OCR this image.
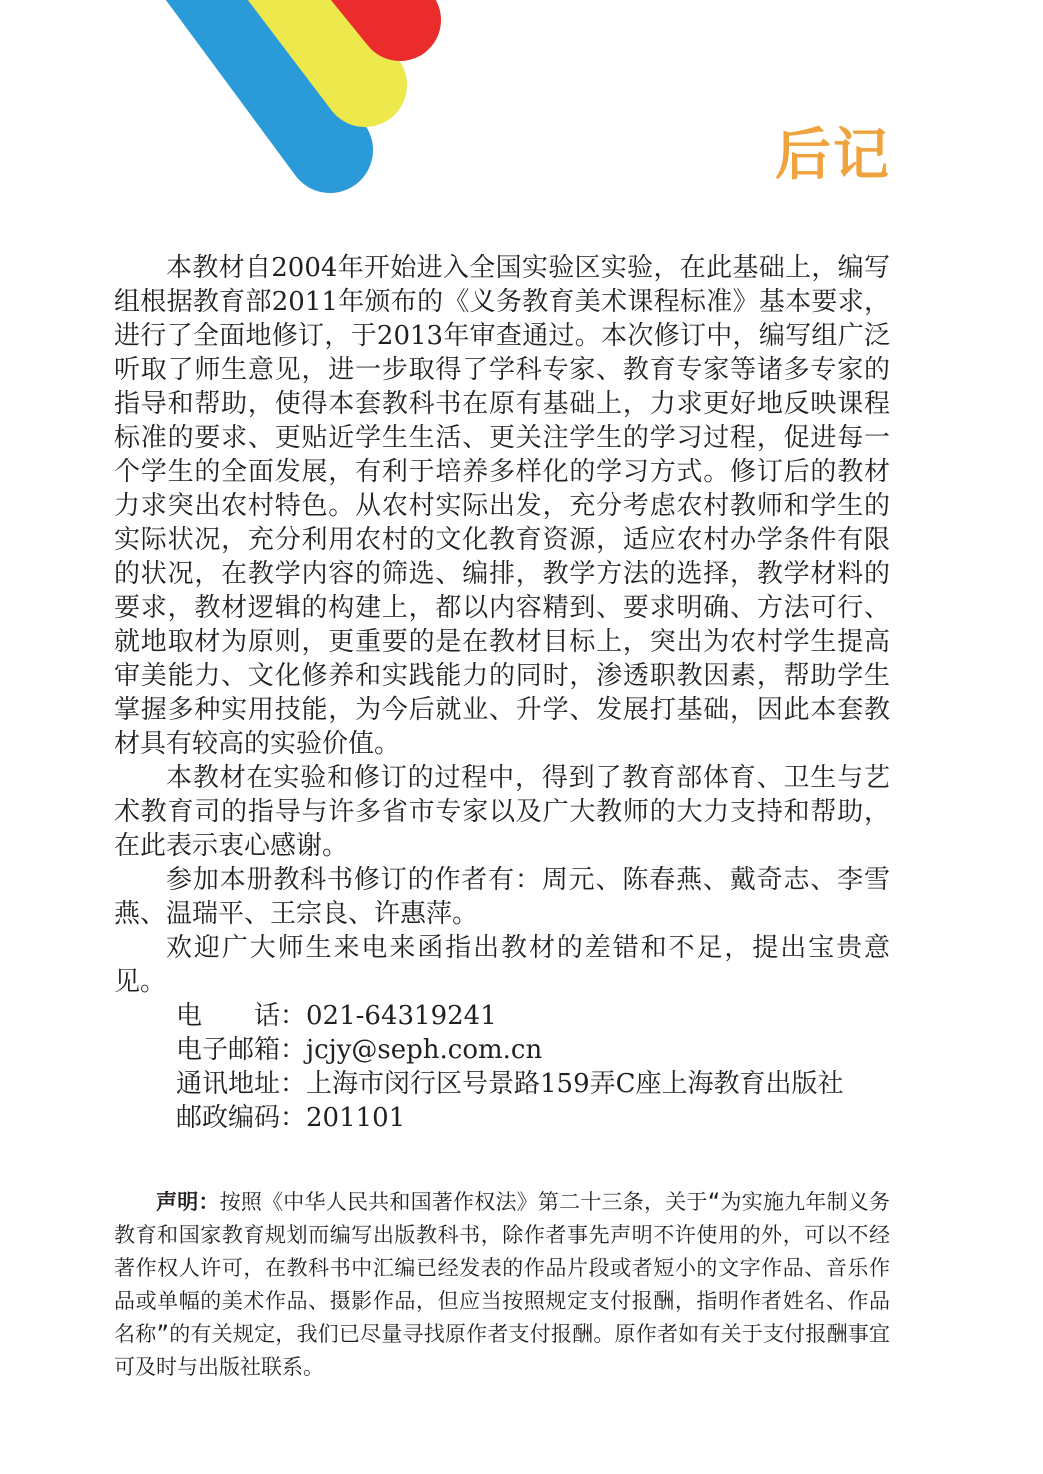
后记

本教材自2004年开始进入全国实验区实验，在此基础上，编写组根据教育部2011年颁布的《义务教育美术课程标准》基本要求，进行了全面地修订，于2013年审查通过。本次修订中，编写组广泛听取了师生意见，进一步取得了学科专家、教育专家等诸多专家的指导和帮助，使得本套教科书在原有基础上，力求更好地反映课程标准的要求、更贴近学生生活、更关注学生的学习过程，促进每一个学生的全面发展，有利于培养多样化的学习方式。修订后的教材力求突出农村特色。从农村实际出发，充分考虑农村教师和学生的实际状况，充分利用农村的文化教育资源，适应农村办学条件有限的状况，在教学内容的筛选、编排，教学方法的选择，教学材料的要求，教材逻辑的构建上，都以内容精到、要求明确、方法可行、就地取材为原则，更重要的是在教材目标上，突出为农村学生提高审美能力、文化修养和实践能力的同时，渗透职教因素，帮助学生掌握多种实用技能，为今后就业、升学、发展打基础，因此本套教材具有较高的实验价值。

本教材在实验和修订的过程中，得到了教育部体育、卫生与艺术教育司的指导与许多省市专家以及广大教师的大力支持和帮助，在此表示衷心感谢。

参加本册教科书修订的作者有：周元、陈春燕、戴奇志、李雪燕、温瑞平、王宗良、许惠萍。

欢迎广大师生来电来函指出教材的差错和不足，提出宝贵意见。

电　　话：021-64319241
电子邮箱：jcjy@seph.com.cn
通讯地址：上海市闵行区号景路159弄C座上海教育出版社
邮政编码：201101

声明：按照《中华人民共和国著作权法》第二十三条，关于“为实施九年制义务教育和国家教育规划而编写出版教科书，除作者事先声明不许使用的外，可以不经著作权人许可，在教科书中汇编已经发表的作品片段或者短小的文字作品、音乐作品或单幅的美术作品、摄影作品，但应当按照规定支付报酬，指明作者姓名、作品名称”的有关规定，我们已尽量寻找原作者支付报酬。原作者如有关于支付报酬事宜可及时与出版社联系。
